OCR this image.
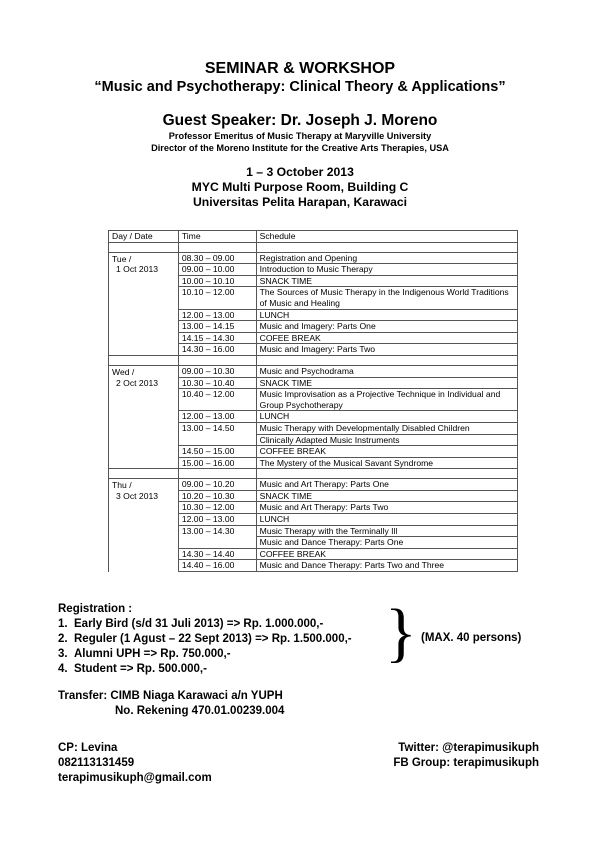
SEMINAR & WORKSHOP
“Music and Psychotherapy: Clinical Theory & Applications”
Guest Speaker: Dr. Joseph J. Moreno
Professor Emeritus of Music Therapy at Maryville University
Director of the Moreno Institute for the Creative Arts Therapies, USA
1 – 3 October 2013
MYC Multi Purpose Room, Building C
Universitas Pelita Harapan, Karawaci
Day / Date	Time	Schedule

Tue /
1 Oct 2013	08.30 – 09.00	Registration and Opening
	09.00 – 10.00	Introduction to Music Therapy
	10.00 – 10.10	SNACK TIME
	10.10 – 12.00	The Sources of Music Therapy in the Indigenous World Traditions of Music and Healing
	12.00 – 13.00	LUNCH
	13.00 – 14.15	Music and Imagery: Parts One
	14.15 – 14.30	COFEE BREAK
	14.30 – 16.00	Music and Imagery: Parts Two

Wed /
2 Oct 2013	09.00 – 10.30	Music and Psychodrama
	10.30 – 10.40	SNACK TIME
	10.40 – 12.00	Music Improvisation as a Projective Technique in Individual and Group Psychotherapy
	12.00 – 13.00	LUNCH
	13.00 – 14.50	Music Therapy with Developmentally Disabled Children
		Clinically Adapted Music Instruments
	14.50 – 15.00	COFFEE BREAK
	15.00 – 16.00	The Mystery of the Musical Savant Syndrome

Thu /
3 Oct 2013	09.00 – 10.20	Music and Art Therapy: Parts One
	10.20 – 10.30	SNACK TIME
	10.30 – 12.00	Music and Art Therapy: Parts Two
	12.00 – 13.00	LUNCH
	13.00 – 14.30	Music Therapy with the Terminally Ill
		Music and Dance Therapy: Parts One
	14.30 – 14.40	COFFEE BREAK
	14.40 – 16.00	Music and Dance Therapy: Parts Two and Three
Registration :
1. Early Bird (s/d 31 Juli 2013) => Rp. 1.000.000,-
2. Reguler (1 Agust – 22 Sept 2013) => Rp. 1.500.000,-
3. Alumni UPH => Rp. 750.000,-
4. Student => Rp. 500.000,-	} (MAX. 40 persons)
Transfer: CIMB Niaga Karawaci a/n YUPH
No. Rekening 470.01.00239.004
CP: Levina
082113131459
terapimusikuph@gmail.com
Twitter: @terapimusikuph
FB Group: terapimusikuph
